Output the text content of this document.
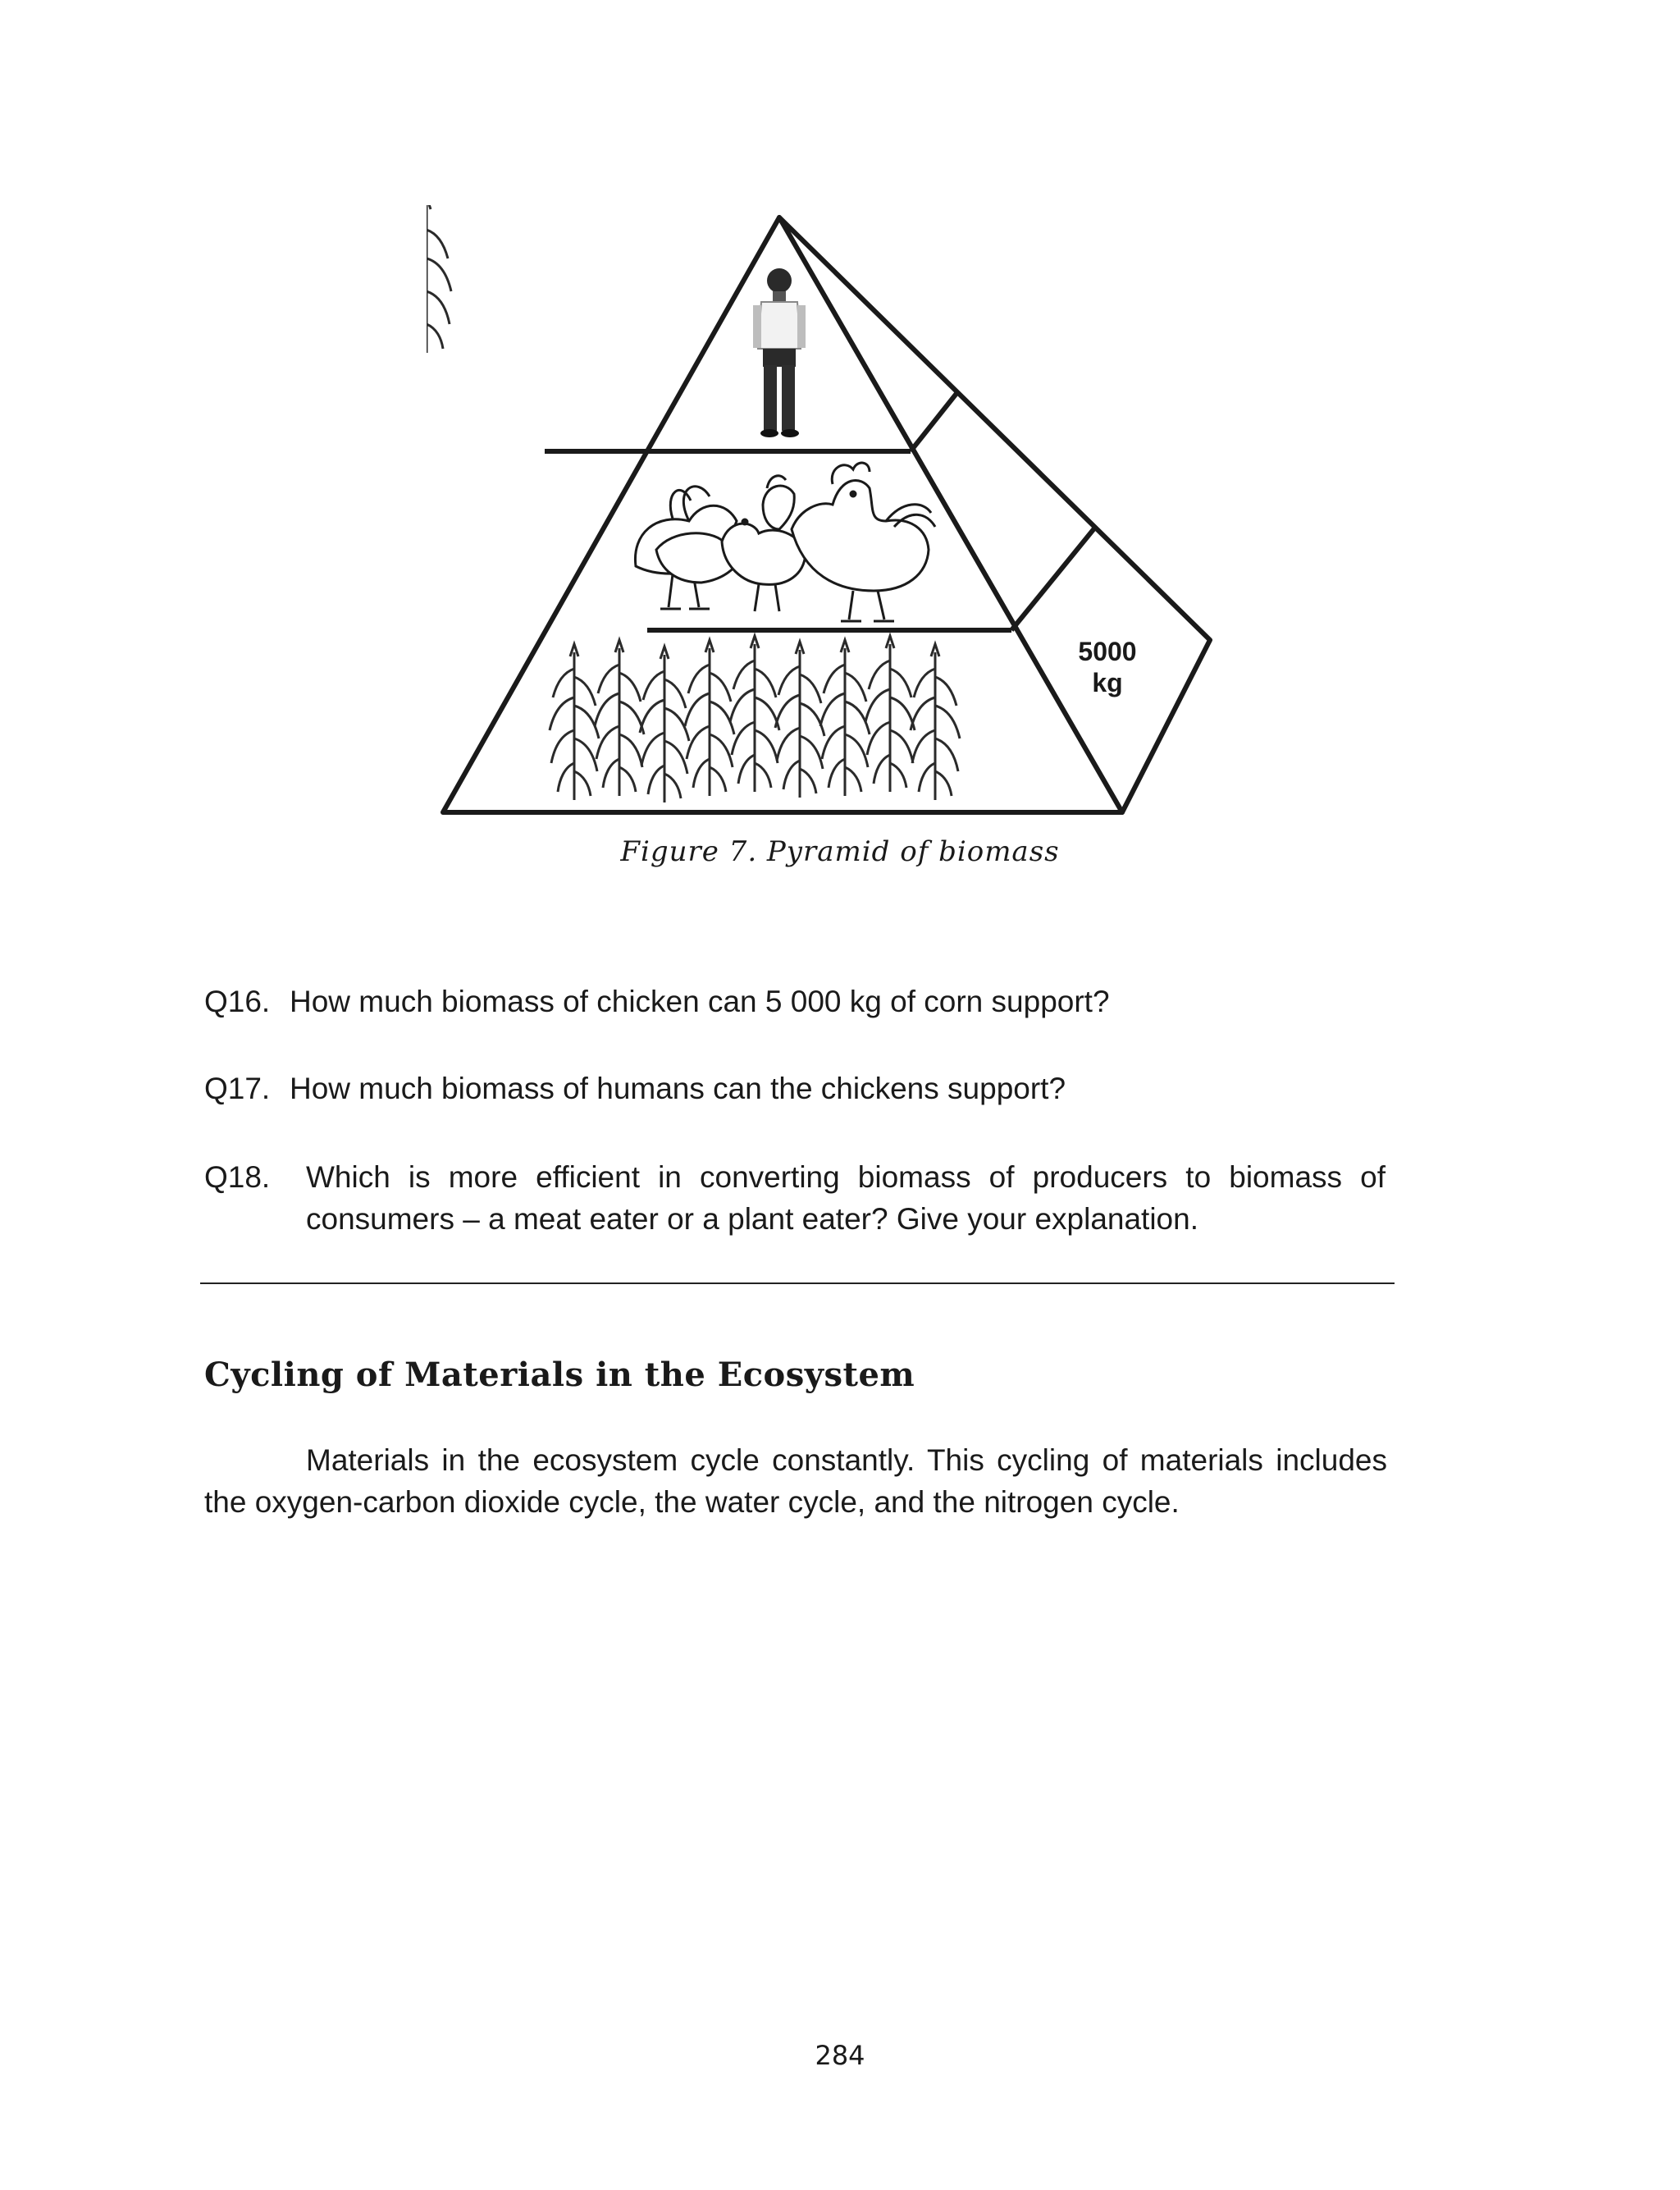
5000
kg
Figure 7. Pyramid of biomass
Q16. How much biomass of chicken can 5 000 kg of corn support?
Q17. How much biomass of humans can the chickens support?
Q18. Which is more efficient in converting biomass of producers to biomass of consumers – a meat eater or a plant eater? Give your explanation.
Cycling of Materials in the Ecosystem
Materials in the ecosystem cycle constantly. This cycling of materials includes the oxygen-carbon dioxide cycle, the water cycle, and the nitrogen cycle.
284
